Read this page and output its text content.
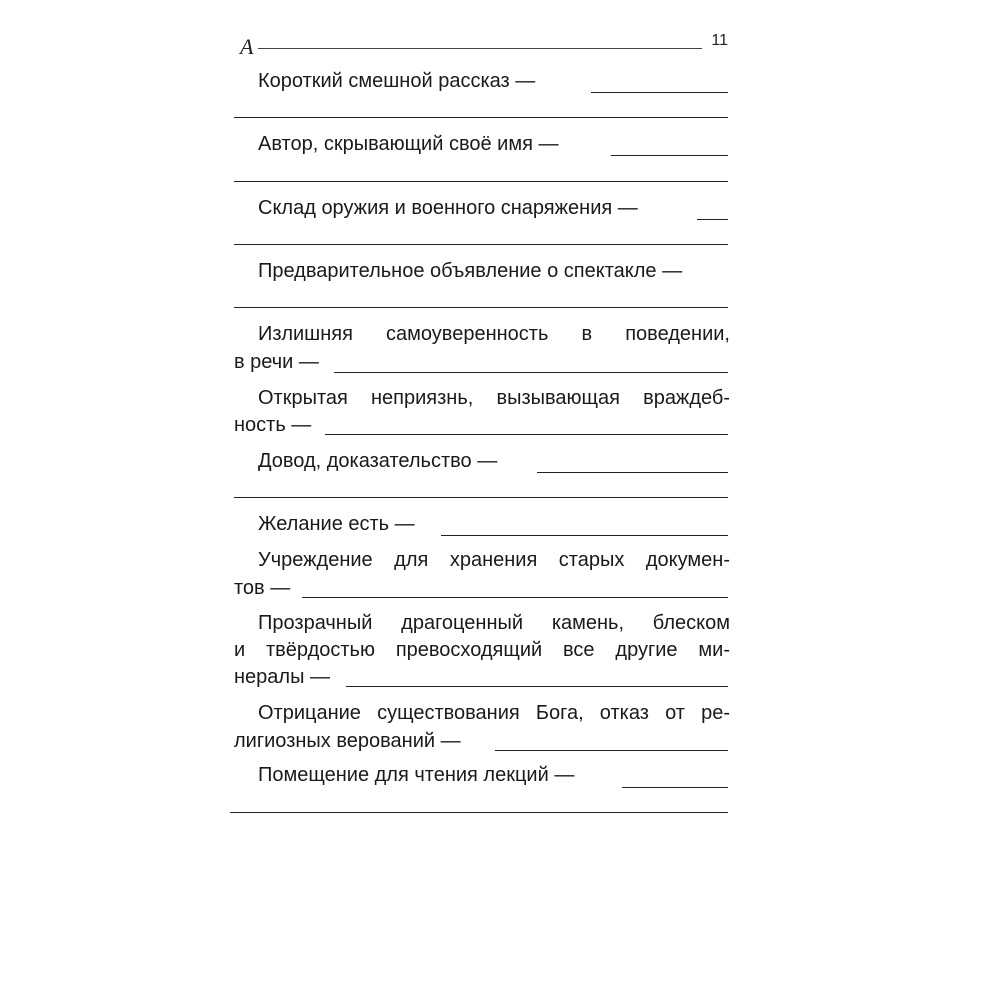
А	11
Короткий смешной рассказ —
Автор, скрывающий своё имя —
Склад оружия и военного снаряжения —
Предварительное объявление о спектакле —
Излишняя самоуверенность в поведении,
в речи —
Открытая неприязнь, вызывающая враждеб-
ность —
Довод, доказательство —
Желание есть —
Учреждение для хранения старых докумен-
тов —
Прозрачный драгоценный камень, блеском
и твёрдостью превосходящий все другие ми-
нералы —
Отрицание существования Бога, отказ от ре-
лигиозных верований —
Помещение для чтения лекций —
